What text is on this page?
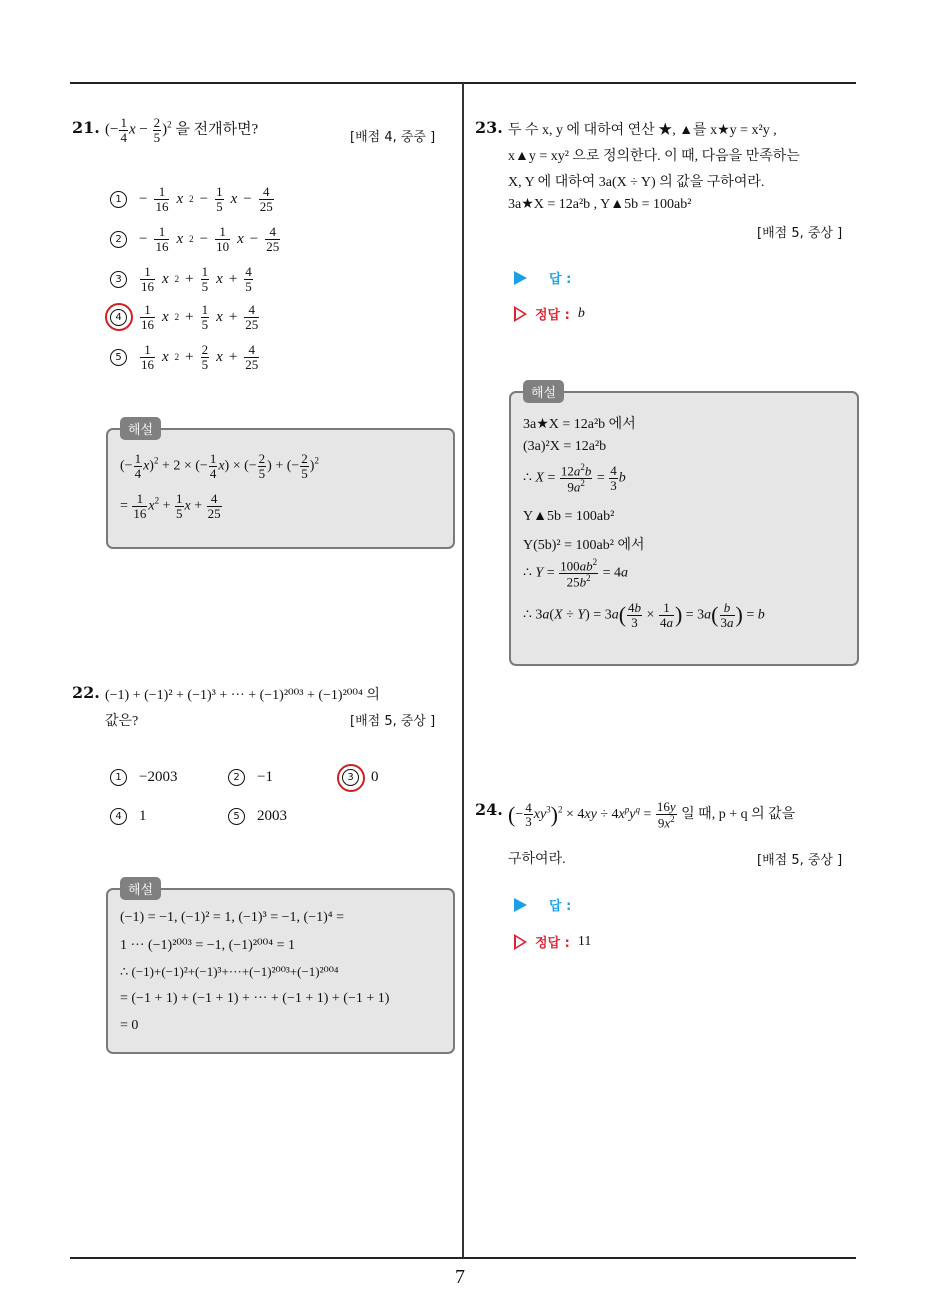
21. (− $\frac{1}{4}$ $x - \frac{2}{5} )^2$ 을 전개하면?	[배점 4, 중중 ]
1	− $\frac{1}{16}$ x $2 - \frac{1}{5}$ $x - \frac{4}{25}$
2	− $\frac{1}{16}$ x $2 - \frac{1}{10}$ $x - \frac{4}{25}$
3	$\frac{1}{16}$ x $2 + \frac{1}{5}$ $x + \frac{4}{5}$
4	$\frac{1}{16}$ x $2 + \frac{1}{5}$ $x + \frac{4}{25}$
5	$\frac{1}{16}$ x $2 + \frac{2}{5}$ $x + \frac{4}{25}$
(− $\frac{1}{4} x)^2 + 2$ × (− $\frac{1}{4} x$) × (− $\frac{2}{5}$ ) + (− $\frac{2}{5} )^2$
= $\frac{1}{16} x^2 + \frac{1}{5}$ $x + \frac{4}{25}$
해설
22. (−1) + (−1)² + (−1)³ + ··· + (−1)²⁰⁰³ + (−1)²⁰⁰⁴ 의
값은?	[배점 5, 중상 ]
1	−2003	2	−1	3	0
4	1	5	2003
(−1) = −1, (−1)² = 1, (−1)³ = −1, (−1)⁴ =
1 ··· (−1)²⁰⁰³ = −1, (−1)²⁰⁰⁴ = 1
∴ (−1)+(−1)²+(−1)³+···+(−1)²⁰⁰³+(−1)²⁰⁰⁴
= (−1 + 1) + (−1 + 1) + ··· + (−1 + 1) + (−1 + 1)
= 0
해설
23. 두 수 x, y 에 대하여 연산 ★, ▲를 x★y = x²y ,
x▲y = xy² 으로 정의한다. 이 때, 다음을 만족하는
X, Y 에 대하여 3a(X ÷ Y) 의 값을 구하여라.
3a★X = 12a²b , Y▲5b = 100ab²
[배점 5, 중상 ]
답 :
정답 : b
3a★X = 12a²b 에서
(3a)²X = 12a²b
∴ $X = \frac{12a^2b}{9a^2} = \frac{4}{3}$ b
Y▲5b = 100ab²
Y(5b)² = 100ab² 에서
∴ $Y = \frac{100ab^2}{25b^2} = 4a$
∴ $3a(X \div Y) = 3a( \frac{4b}{3} \times \frac{1}{4a}$ ) = $3a( \frac{b}{3a}$ ) = b
해설
24. (− $\frac{4}{3} xy^3)^2 \times 4xy \div 4x^py^q = \frac{16y}{9x^2}$ 일 때, p + q 의 값을
구하여라.	[배점 5, 중상 ]
답 :
정답 : 11
7
